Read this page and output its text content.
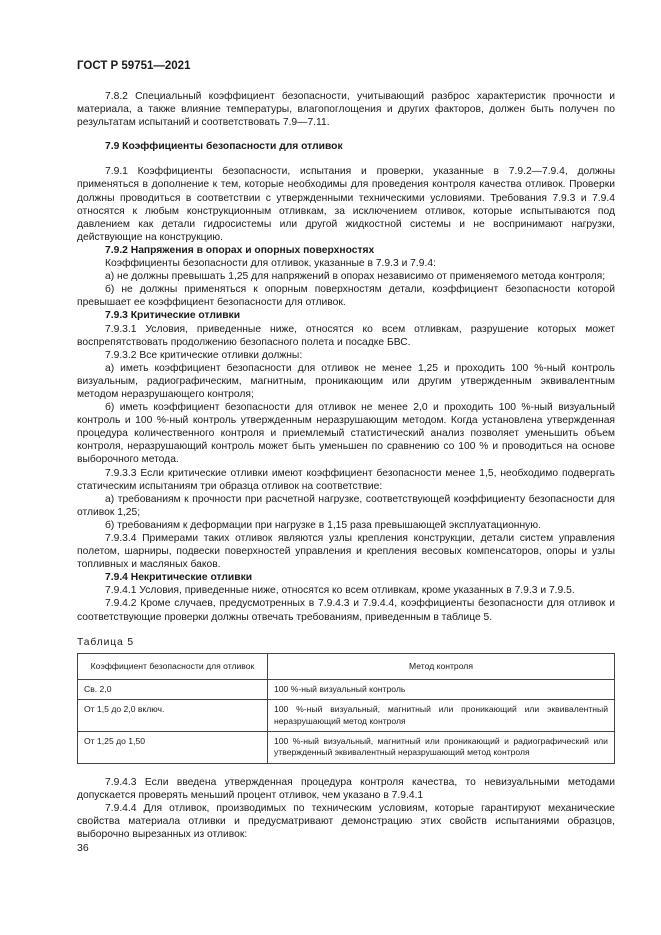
ГОСТ Р 59751—2021

7.8.2 Специальный коэффициент безопасности, учитывающий разброс характеристик прочности и материала, а также влияние температуры, влагопоглощения и других факторов, должен быть получен по результатам испытаний и соответствовать 7.9—7.11.

7.9 Коэффициенты безопасности для отливок

7.9.1 Коэффициенты безопасности, испытания и проверки, указанные в 7.9.2—7.9.4, должны применяться в дополнение к тем, которые необходимы для проведения контроля качества отливок. Проверки должны проводиться в соответствии с утвержденными техническими условиями. Требования 7.9.3 и 7.9.4 относятся к любым конструкционным отливкам, за исключением отливок, которые испытываются под давлением как детали гидросистемы или другой жидкостной системы и не воспринимают нагрузки, действующие на конструкцию.

7.9.2 Напряжения в опорах и опорных поверхностях

Коэффициенты безопасности для отливок, указанные в 7.9.3 и 7.9.4:

а) не должны превышать 1,25 для напряжений в опорах независимо от применяемого метода контроля;

б) не должны применяться к опорным поверхностям детали, коэффициент безопасности которой превышает ее коэффициент безопасности для отливок.

7.9.3 Критические отливки

7.9.3.1 Условия, приведенные ниже, относятся ко всем отливкам, разрушение которых может воспрепятствовать продолжению безопасного полета и посадке БВС.

7.9.3.2 Все критические отливки должны:

а) иметь коэффициент безопасности для отливок не менее 1,25 и проходить 100 %-ный контроль визуальным, радиографическим, магнитным, проникающим или другим утвержденным эквивалентным методом неразрушающего контроля;

б) иметь коэффициент безопасности для отливок не менее 2,0 и проходить 100 %-ный визуальный контроль и 100 %-ный контроль утвержденным неразрушающим методом. Когда установлена утвержденная процедура количественного контроля и приемлемый статистический анализ позволяет уменьшить объем контроля, неразрушающий контроль может быть уменьшен по сравнению со 100 % и проводиться на основе выборочного метода.

7.9.3.3 Если критические отливки имеют коэффициент безопасности менее 1,5, необходимо подвергать статическим испытаниям три образца отливок на соответствие:

а) требованиям к прочности при расчетной нагрузке, соответствующей коэффициенту безопасности для отливок 1,25;

б) требованиям к деформации при нагрузке в 1,15 раза превышающей эксплуатационную.

7.9.3.4 Примерами таких отливок являются узлы крепления конструкции, детали систем управления полетом, шарниры, подвески поверхностей управления и крепления весовых компенсаторов, опоры и узлы топливных и масляных баков.

7.9.4 Некритические отливки

7.9.4.1 Условия, приведенные ниже, относятся ко всем отливкам, кроме указанных в 7.9.3 и 7.9.5.

7.9.4.2 Кроме случаев, предусмотренных в 7.9.4.3 и 7.9.4.4, коэффициенты безопасности для отливок и соответствующие проверки должны отвечать требованиям, приведенным в таблице 5.

Таблица 5

Коэффициент безопасности для отливок	Метод контроля
Св. 2,0	100 %-ный визуальный контроль
От 1,5 до 2,0 включ.	100 %-ный визуальный, магнитный или проникающий или эквивалентный неразрушающий метод контроля
От 1,25 до 1,50	100 %-ный визуальный, магнитный или проникающий и радиографический или утвержденный эквивалентный неразрушающий метод контроля

7.9.4.3 Если введена утвержденная процедура контроля качества, то невизуальными методами допускается проверять меньший процент отливок, чем указано в 7.9.4.1

7.9.4.4 Для отливок, производимых по техническим условиям, которые гарантируют механические свойства материала отливки и предусматривают демонстрацию этих свойств испытаниями образцов, выборочно вырезанных из отливок:

36
